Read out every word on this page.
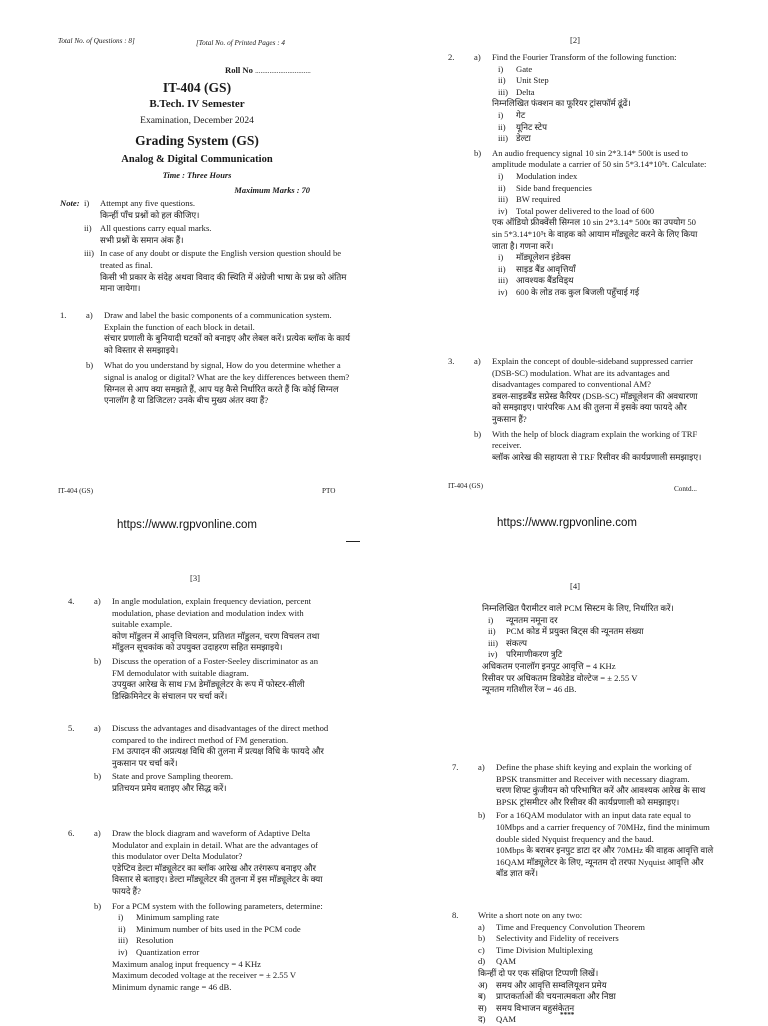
Total No. of Questions : 8]	[Total No. of Printed Pages : 4
Roll No ...............................
IT-404 (GS)
B.Tech. IV Semester
Examination, December 2024
Grading System (GS)
Analog & Digital Communication
Time : Three Hours
Maximum Marks : 70
Note: i)	Attempt any five questions.
किन्हीं पाँच प्रश्नों को हल कीजिए।
ii) All questions carry equal marks.
सभी प्रश्नों के समान अंक हैं।
iii) In case of any doubt or dispute the English version question should be treated as final.
किसी भी प्रकार के संदेह अथवा विवाद की स्थिति में अंग्रेजी भाषा के प्रश्न को अंतिम माना जायेगा।
1.	a)	Draw and label the basic components of a communication system. Explain the function of each block in detail.
संचार प्रणाली के बुनियादी घटकों को बनाइए और लेबल करें। प्रत्येक ब्लॉक के कार्य को विस्तार से समझाइये।
b)	What do you understand by signal, How do you determine whether a signal is analog or digital? What are the key differences between them?
सिग्नल से आप क्या समझते हैं, आप यह कैसे निर्धारित करते हैं कि कोई सिग्नल एनालॉग है या डिजिटल? उनके बीच मुख्य अंतर क्या हैं?
IT-404 (GS)	PTO
https://www.rgpvonline.com
[2]
2.	a)	Find the Fourier Transform of the following function:
i)	Gate
ii)	Unit Step
iii) Delta
निम्नलिखित फंक्शन का फूरियर ट्रांसफॉर्म ढूंढें।
i)	गेट
ii)	यूनिट स्टेप
iii) डेल्टा
b)	An audio frequency signal 10 sin 2*3.14* 500t is used to amplitude modulate a carrier of 50 sin 5*3.14*10⁵t. Calculate:
i)	Modulation index
ii)	Side band frequencies
iii) BW required
iv) Total power delivered to the load of 600
एक ऑडियो फ्रीक्वेंसी सिग्नल 10 sin 2*3.14* 500t का उपयोग 50 sin 5*3.14*10⁵t के वाहक को आयाम मॉड्यूलेट करने के लिए किया जाता है। गणना करें।
i)	मॉड्यूलेशन इंडेक्स
ii)	साइड बैंड आवृत्तियाँ
iii) आवश्यक बैंडविड्थ
iv) 600 के लोड तक कुल बिजली पहुँचाई गई
3.	a)	Explain the concept of double-sideband suppressed carrier (DSB-SC) modulation. What are its advantages and disadvantages compared to conventional AM?
डबल-साइडबैंड सप्रेस्ड कैरियर (DSB-SC) मॉड्यूलेशन की अवधारणा को समझाइए। पारंपरिक AM की तुलना में इसके क्या फायदे और नुकसान हैं?
b)	With the help of block diagram explain the working of TRF receiver.
ब्लॉक आरेख की सहायता से TRF रिसीवर की कार्यप्रणाली समझाइए।
IT-404 (GS)	Contd...
https://www.rgpvonline.com
[3]
4.	a)	In angle modulation, explain frequency deviation, percent modulation, phase deviation and modulation index with suitable example.
कोण मॉडुलन में आवृत्ति विचलन, प्रतिशत मॉडुलन, चरण विचलन तथा मॉडुलन सूचकांक को उपयुक्त उदाहरण सहित समझाइये।
b)	Discuss the operation of a Foster-Seeley discriminator as an FM demodulator with suitable diagram.
उपयुक्त आरेख के साथ FM डेमॉड्यूलेटर के रूप में फोस्टर-सीली डिस्क्रिमिनेटर के संचालन पर चर्चा करें।
5.	a)	Discuss the advantages and disadvantages of the direct method compared to the indirect method of FM generation.
FM उत्पादन की अप्रत्यक्ष विधि की तुलना में प्रत्यक्ष विधि के फायदे और नुकसान पर चर्चा करें।
b)	State and prove Sampling theorem.
प्रतिचयन प्रमेय बताइए और सिद्ध करें।
6.	a)	Draw the block diagram and waveform of Adaptive Delta Modulator and explain in detail. What are the advantages of this modulator over Delta Modulator?
एडेप्टिव डेल्टा मॉड्यूलेटर का ब्लॉक आरेख और तरंगरूप बनाइए और विस्तार से बताइए। डेल्टा मॉड्यूलेटर की तुलना में इस मॉड्यूलेटर के क्या फायदे हैं?
b)	For a PCM system with the following parameters, determine:
i)	Minimum sampling rate
ii)	Minimum number of bits used in the PCM code
iii) Resolution
iv) Quantization error
Maximum analog input frequency = 4 KHz
Maximum decoded voltage at the receiver = ± 2.55 V
Minimum dynamic range = 46 dB.
[4]
निम्नलिखित पैरामीटर वाले PCM सिस्टम के लिए, निर्धारित करें।
i)	न्यूनतम नमूना दर
ii)	PCM कोड में प्रयुक्त बिट्स की न्यूनतम संख्या
iii) संकल्प
iv) परिमाणीकरण त्रुटि
अधिकतम एनालॉग इनपुट आवृत्ति = 4 KHz
रिसीवर पर अधिकतम डिकोडेड वोल्टेज = ± 2.55 V
न्यूनतम गतिशील रेंज = 46 dB.
7.	a)	Define the phase shift keying and explain the working of BPSK transmitter and Receiver with necessary diagram.
चरण शिफ्ट कुंजीयन को परिभाषित करें और आवश्यक आरेख के साथ BPSK ट्रांसमीटर और रिसीवर की कार्यप्रणाली को समझाइए।
b)	For a 16QAM modulator with an input data rate equal to 10Mbps and a carrier frequency of 70MHz, find the minimum double sided Nyquist frequency and the baud.
10Mbps के बराबर इनपुट डाटा दर और 70MHz की वाहक आवृत्ति वाले 16QAM मॉड्यूलेटर के लिए, न्यूनतम दो तरफा Nyquist आवृत्ति और बॉड ज्ञात करें।
8.	Write a short note on any two:
a)	Time and Frequency Convolution Theorem
b)	Selectivity and Fidelity of receivers
c)	Time Division Multiplexing
d)	QAM
किन्हीं दो पर एक संक्षिप्त टिप्पणी लिखें।
अ) समय और आवृत्ति सम्वलियूशन प्रमेय
ब)	प्राप्तकर्ताओं की चयनात्मकता और निष्ठा
स)	समय विभाजन बहुसंकेतन
द)	QAM	****
